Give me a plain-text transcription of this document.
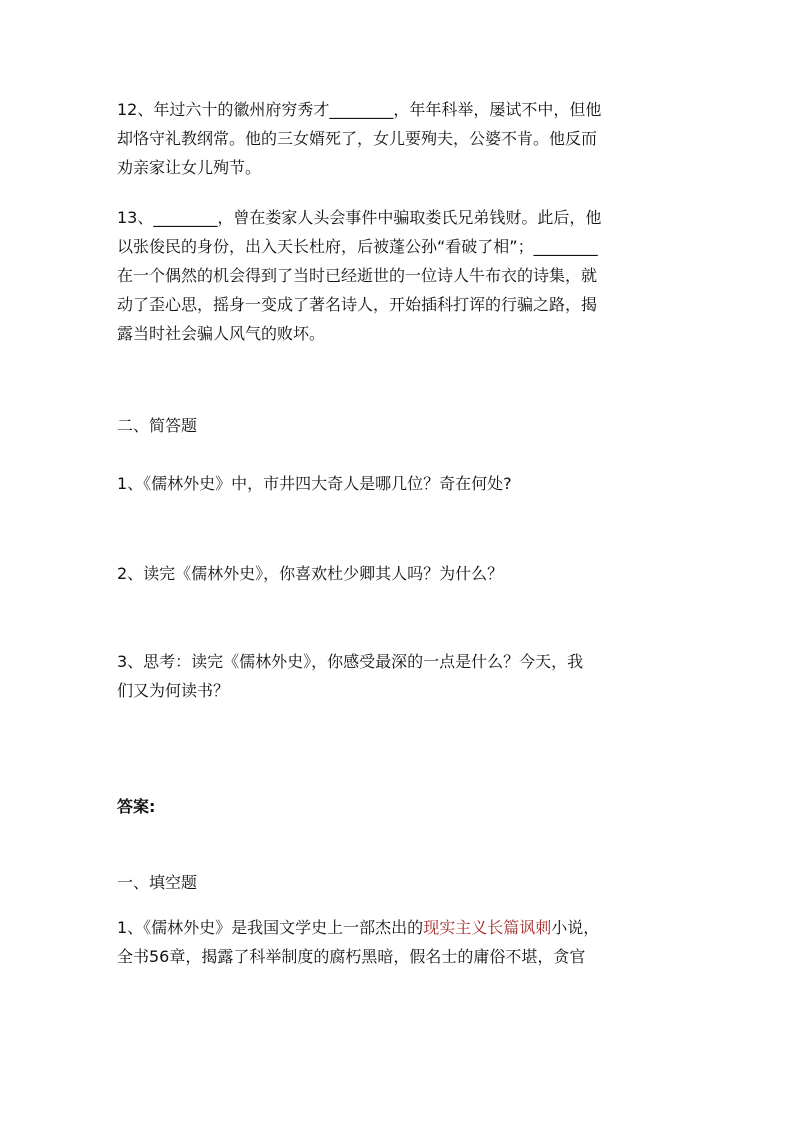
12、年过六十的徽州府穷秀才________，年年科举，屡试不中，但他
却恪守礼教纲常。他的三女婿死了，女儿要殉夫，公婆不肯。他反而
劝亲家让女儿殉节。

13、________，曾在娄家人头会事件中骗取娄氏兄弟钱财。此后，他
以张俊民的身份，出入天长杜府，后被蓬公孙“看破了相”；________
在一个偶然的机会得到了当时已经逝世的一位诗人牛布衣的诗集，就
动了歪心思，摇身一变成了著名诗人，开始插科打诨的行骗之路，揭
露当时社会骗人风气的败坏。

二、简答题

1、《儒林外史》中，市井四大奇人是哪几位？奇在何处?

2、读完《儒林外史》，你喜欢杜少卿其人吗？为什么？

3、思考：读完《儒林外史》，你感受最深的一点是什么？今天，我
们又为何读书？

答案:

一、填空题

1、《儒林外史》是我国文学史上一部杰出的现实主义长篇讽刺小说，
全书56章，揭露了科举制度的腐朽黑暗，假名士的庸俗不堪，贪官
